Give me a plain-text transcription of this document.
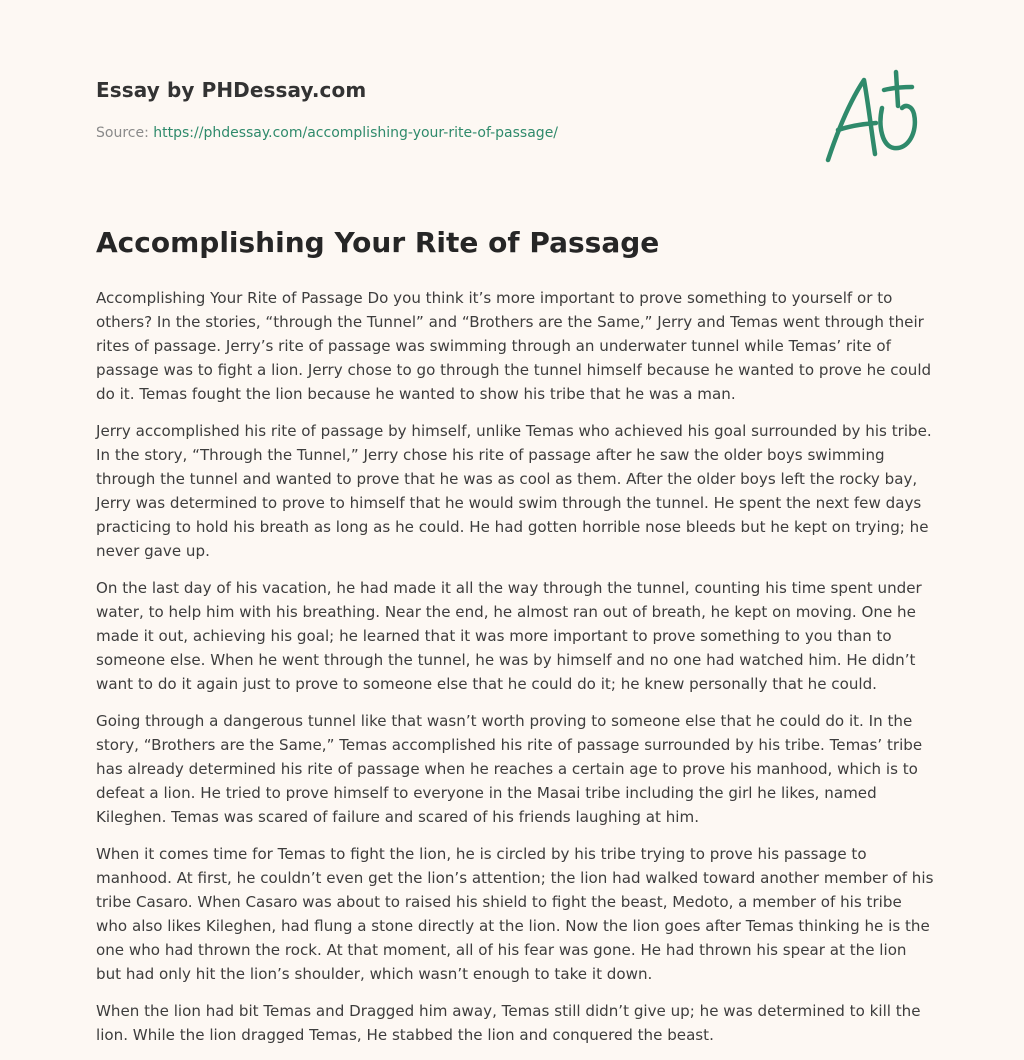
Essay by PHDessay.com
Source: https://phdessay.com/accomplishing-your-rite-of-passage/
Accomplishing Your Rite of Passage

Accomplishing Your Rite of Passage Do you think it’s more important to prove something to yourself or to others? In the stories, “through the Tunnel” and “Brothers are the Same,” Jerry and Temas went through their rites of passage. Jerry’s rite of passage was swimming through an underwater tunnel while Temas’ rite of passage was to fight a lion. Jerry chose to go through the tunnel himself because he wanted to prove he could do it. Temas fought the lion because he wanted to show his tribe that he was a man.

Jerry accomplished his rite of passage by himself, unlike Temas who achieved his goal surrounded by his tribe. In the story, “Through the Tunnel,” Jerry chose his rite of passage after he saw the older boys swimming through the tunnel and wanted to prove that he was as cool as them. After the older boys left the rocky bay, Jerry was determined to prove to himself that he would swim through the tunnel. He spent the next few days practicing to hold his breath as long as he could. He had gotten horrible nose bleeds but he kept on trying; he never gave up.

On the last day of his vacation, he had made it all the way through the tunnel, counting his time spent under water, to help him with his breathing. Near the end, he almost ran out of breath, he kept on moving. One he made it out, achieving his goal; he learned that it was more important to prove something to you than to someone else. When he went through the tunnel, he was by himself and no one had watched him. He didn’t want to do it again just to prove to someone else that he could do it; he knew personally that he could.

Going through a dangerous tunnel like that wasn’t worth proving to someone else that he could do it. In the story, “Brothers are the Same,” Temas accomplished his rite of passage surrounded by his tribe. Temas’ tribe has already determined his rite of passage when he reaches a certain age to prove his manhood, which is to defeat a lion. He tried to prove himself to everyone in the Masai tribe including the girl he likes, named Kileghen. Temas was scared of failure and scared of his friends laughing at him.

When it comes time for Temas to fight the lion, he is circled by his tribe trying to prove his passage to manhood. At first, he couldn’t even get the lion’s attention; the lion had walked toward another member of his tribe Casaro. When Casaro was about to raised his shield to fight the beast, Medoto, a member of his tribe who also likes Kileghen, had flung a stone directly at the lion. Now the lion goes after Temas thinking he is the one who had thrown the rock. At that moment, all of his fear was gone. He had thrown his spear at the lion but had only hit the lion’s shoulder, which wasn’t enough to take it down.

When the lion had bit Temas and Dragged him away, Temas still didn’t give up; he was determined to kill the lion. While the lion dragged Temas, He stabbed the lion and conquered the beast.
